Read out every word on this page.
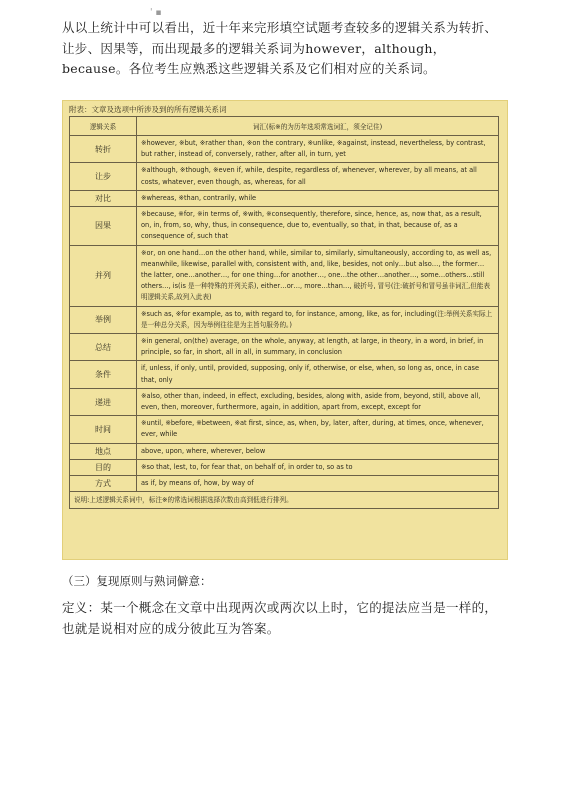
' ▪
从以上统计中可以看出，近十年来完形填空试题考查较多的逻辑关系为转折、让步、因果等，而出现最多的逻辑关系词为however，although，because。各位考生应熟悉这些逻辑关系及它们相对应的关系词。
附表：文章及选项中所涉及到的所有逻辑关系词
逻辑关系	词汇(标※的为历年选项常选词汇，须全记住)
转折	※however, ※but, ※rather than, ※on the contrary, ※unlike, ※against, instead, nevertheless, by contrast, but rather, instead of, conversely, rather, after all, in turn, yet
让步	※although, ※though, ※even if, while, despite, regardless of, whenever, wherever, by all means, at all costs, whatever, even though, as, whereas, for all
对比	※whereas, ※than, contrarily, while
因果	※because, ※for, ※in terms of, ※with, ※consequently, therefore, since, hence, as, now that, as a result, on, in, from, so, why, thus, in consequence, due to, eventually, so that, in that, because of, as a consequence of, such that
并列	※or, on one hand…on the other hand, while, similar to, similarly, simultaneously, according to, as well as, meanwhile, likewise, parallel with, consistent with, and, like, besides, not only…but also…, the former…the latter, one…another…, for one thing…for another…, one…the other…another…, some…others…still others…, is(is 是一种特殊的并列关系), either…or…, more…than…, 破折号, 冒号(注:破折号和冒号虽非词汇,但能表明逻辑关系,故列入此表)
举例	※such as, ※for example, as to, with regard to, for instance, among, like, as for, including(注:举例关系实际上是一种总分关系，因为举例往往是为主旨句服务的。)
总结	※in general, on(the) average, on the whole, anyway, at length, at large, in theory, in a word, in brief, in principle, so far, in short, all in all, in summary, in conclusion
条件	if, unless, if only, until, provided, supposing, only if, otherwise, or else, when, so long as, once, in case that, only
递进	※also, other than, indeed, in effect, excluding, besides, along with, aside from, beyond, still, above all, even, then, moreover, furthermore, again, in addition, apart from, except, except for
时间	※until, ※before, ※between, ※at first, since, as, when, by, later, after, during, at times, once, whenever, ever, while
地点	above, upon, where, wherever, below
目的	※so that, lest, to, for fear that, on behalf of, in order to, so as to
方式	as if, by means of, how, by way of
说明:上述逻辑关系词中，标注※的常选词根据选择次数由高到低进行排列。	
（三）复现原则与熟词僻意：
定义：某一个概念在文章中出现两次或两次以上时，它的提法应当是一样的，也就是说相对应的成分彼此互为答案。
